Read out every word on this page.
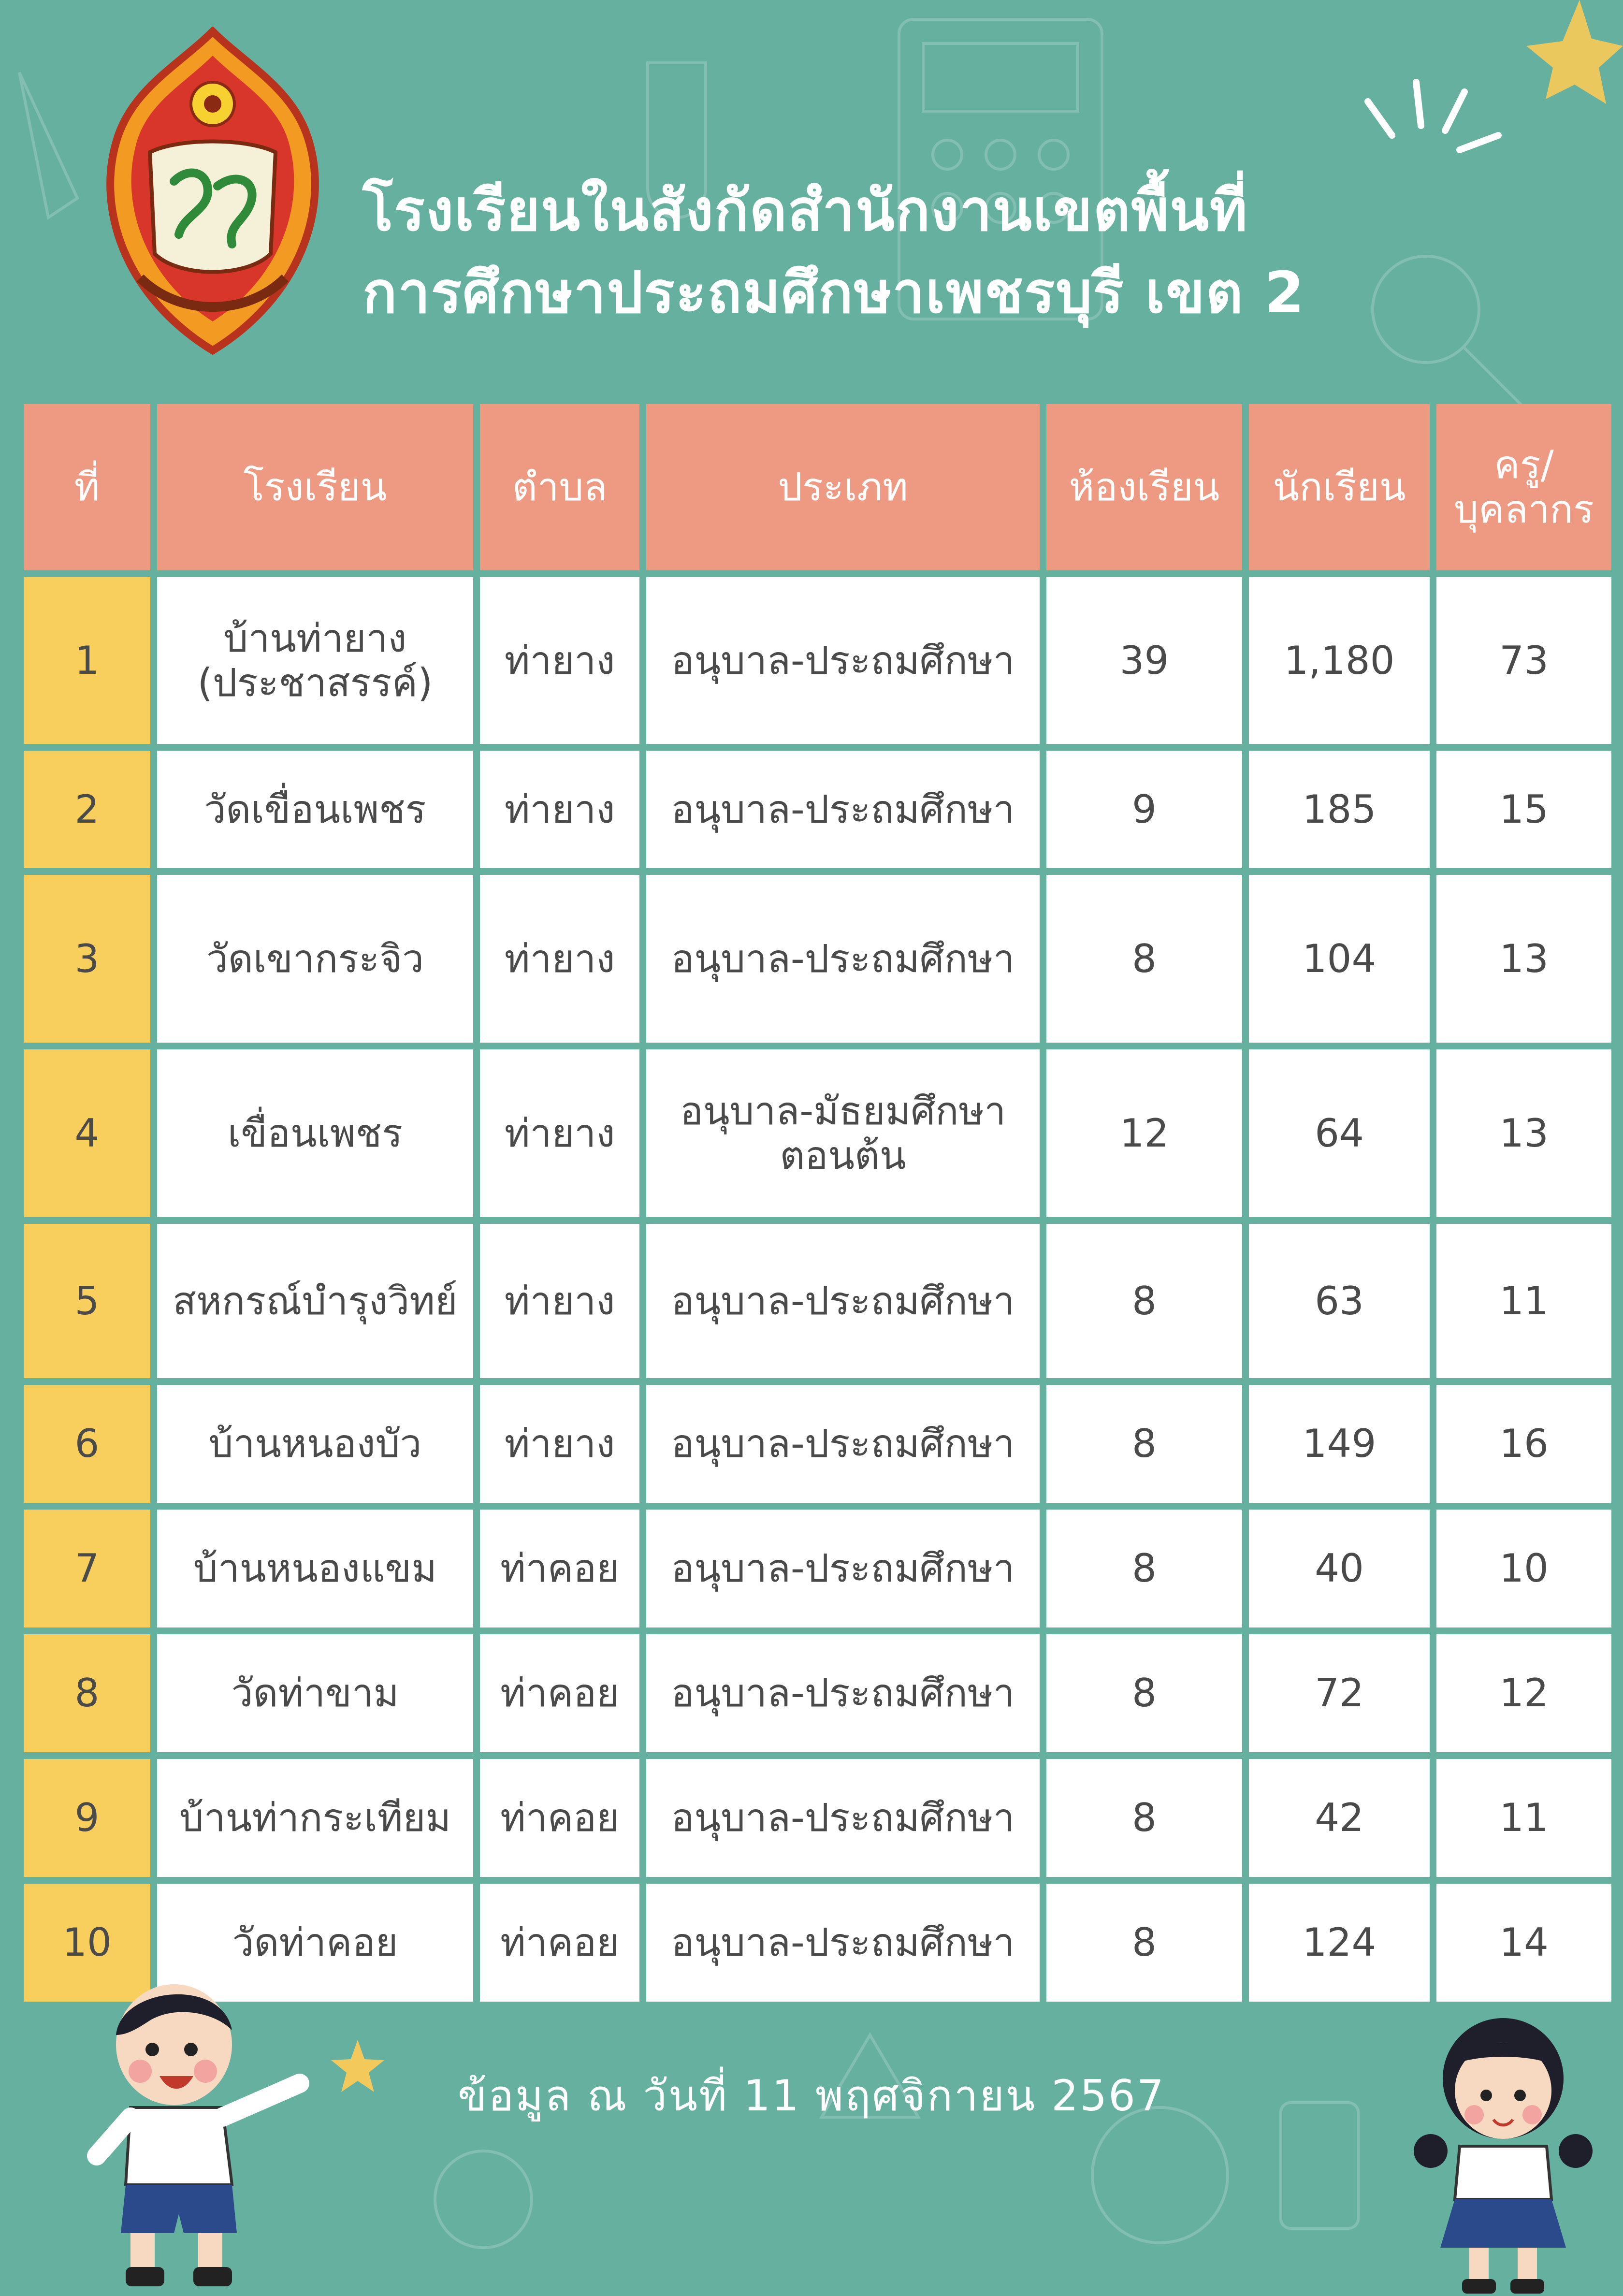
โรงเรียนในสังกัดสำนักงานเขตพื้นที่
การศึกษาประถมศึกษาเพชรบุรี เขต 2
ที่	โรงเรียน	ตำบล	ประเภท	ห้องเรียน	นักเรียน	ครู/ บุคลากร
1	บ้านท่ายาง (ประชาสรรค์)	ท่ายาง	อนุบาล-ประถมศึกษา	39	1,180	73
2	วัดเขื่อนเพชร	ท่ายาง	อนุบาล-ประถมศึกษา	9	185	15
3	วัดเขากระจิว	ท่ายาง	อนุบาล-ประถมศึกษา	8	104	13
4	เขื่อนเพชร	ท่ายาง	อนุบาล-มัธยมศึกษาตอนต้น	12	64	13
5	สหกรณ์บำรุงวิทย์	ท่ายาง	อนุบาล-ประถมศึกษา	8	63	11
6	บ้านหนองบัว	ท่ายาง	อนุบาล-ประถมศึกษา	8	149	16
7	บ้านหนองแขม	ท่าคอย	อนุบาล-ประถมศึกษา	8	40	10
8	วัดท่าขาม	ท่าคอย	อนุบาล-ประถมศึกษา	8	72	12
9	บ้านท่ากระเทียม	ท่าคอย	อนุบาล-ประถมศึกษา	8	42	11
10	วัดท่าคอย	ท่าคอย	อนุบาล-ประถมศึกษา	8	124	14
ข้อมูล ณ วันที่ 11 พฤศจิกายน 2567
